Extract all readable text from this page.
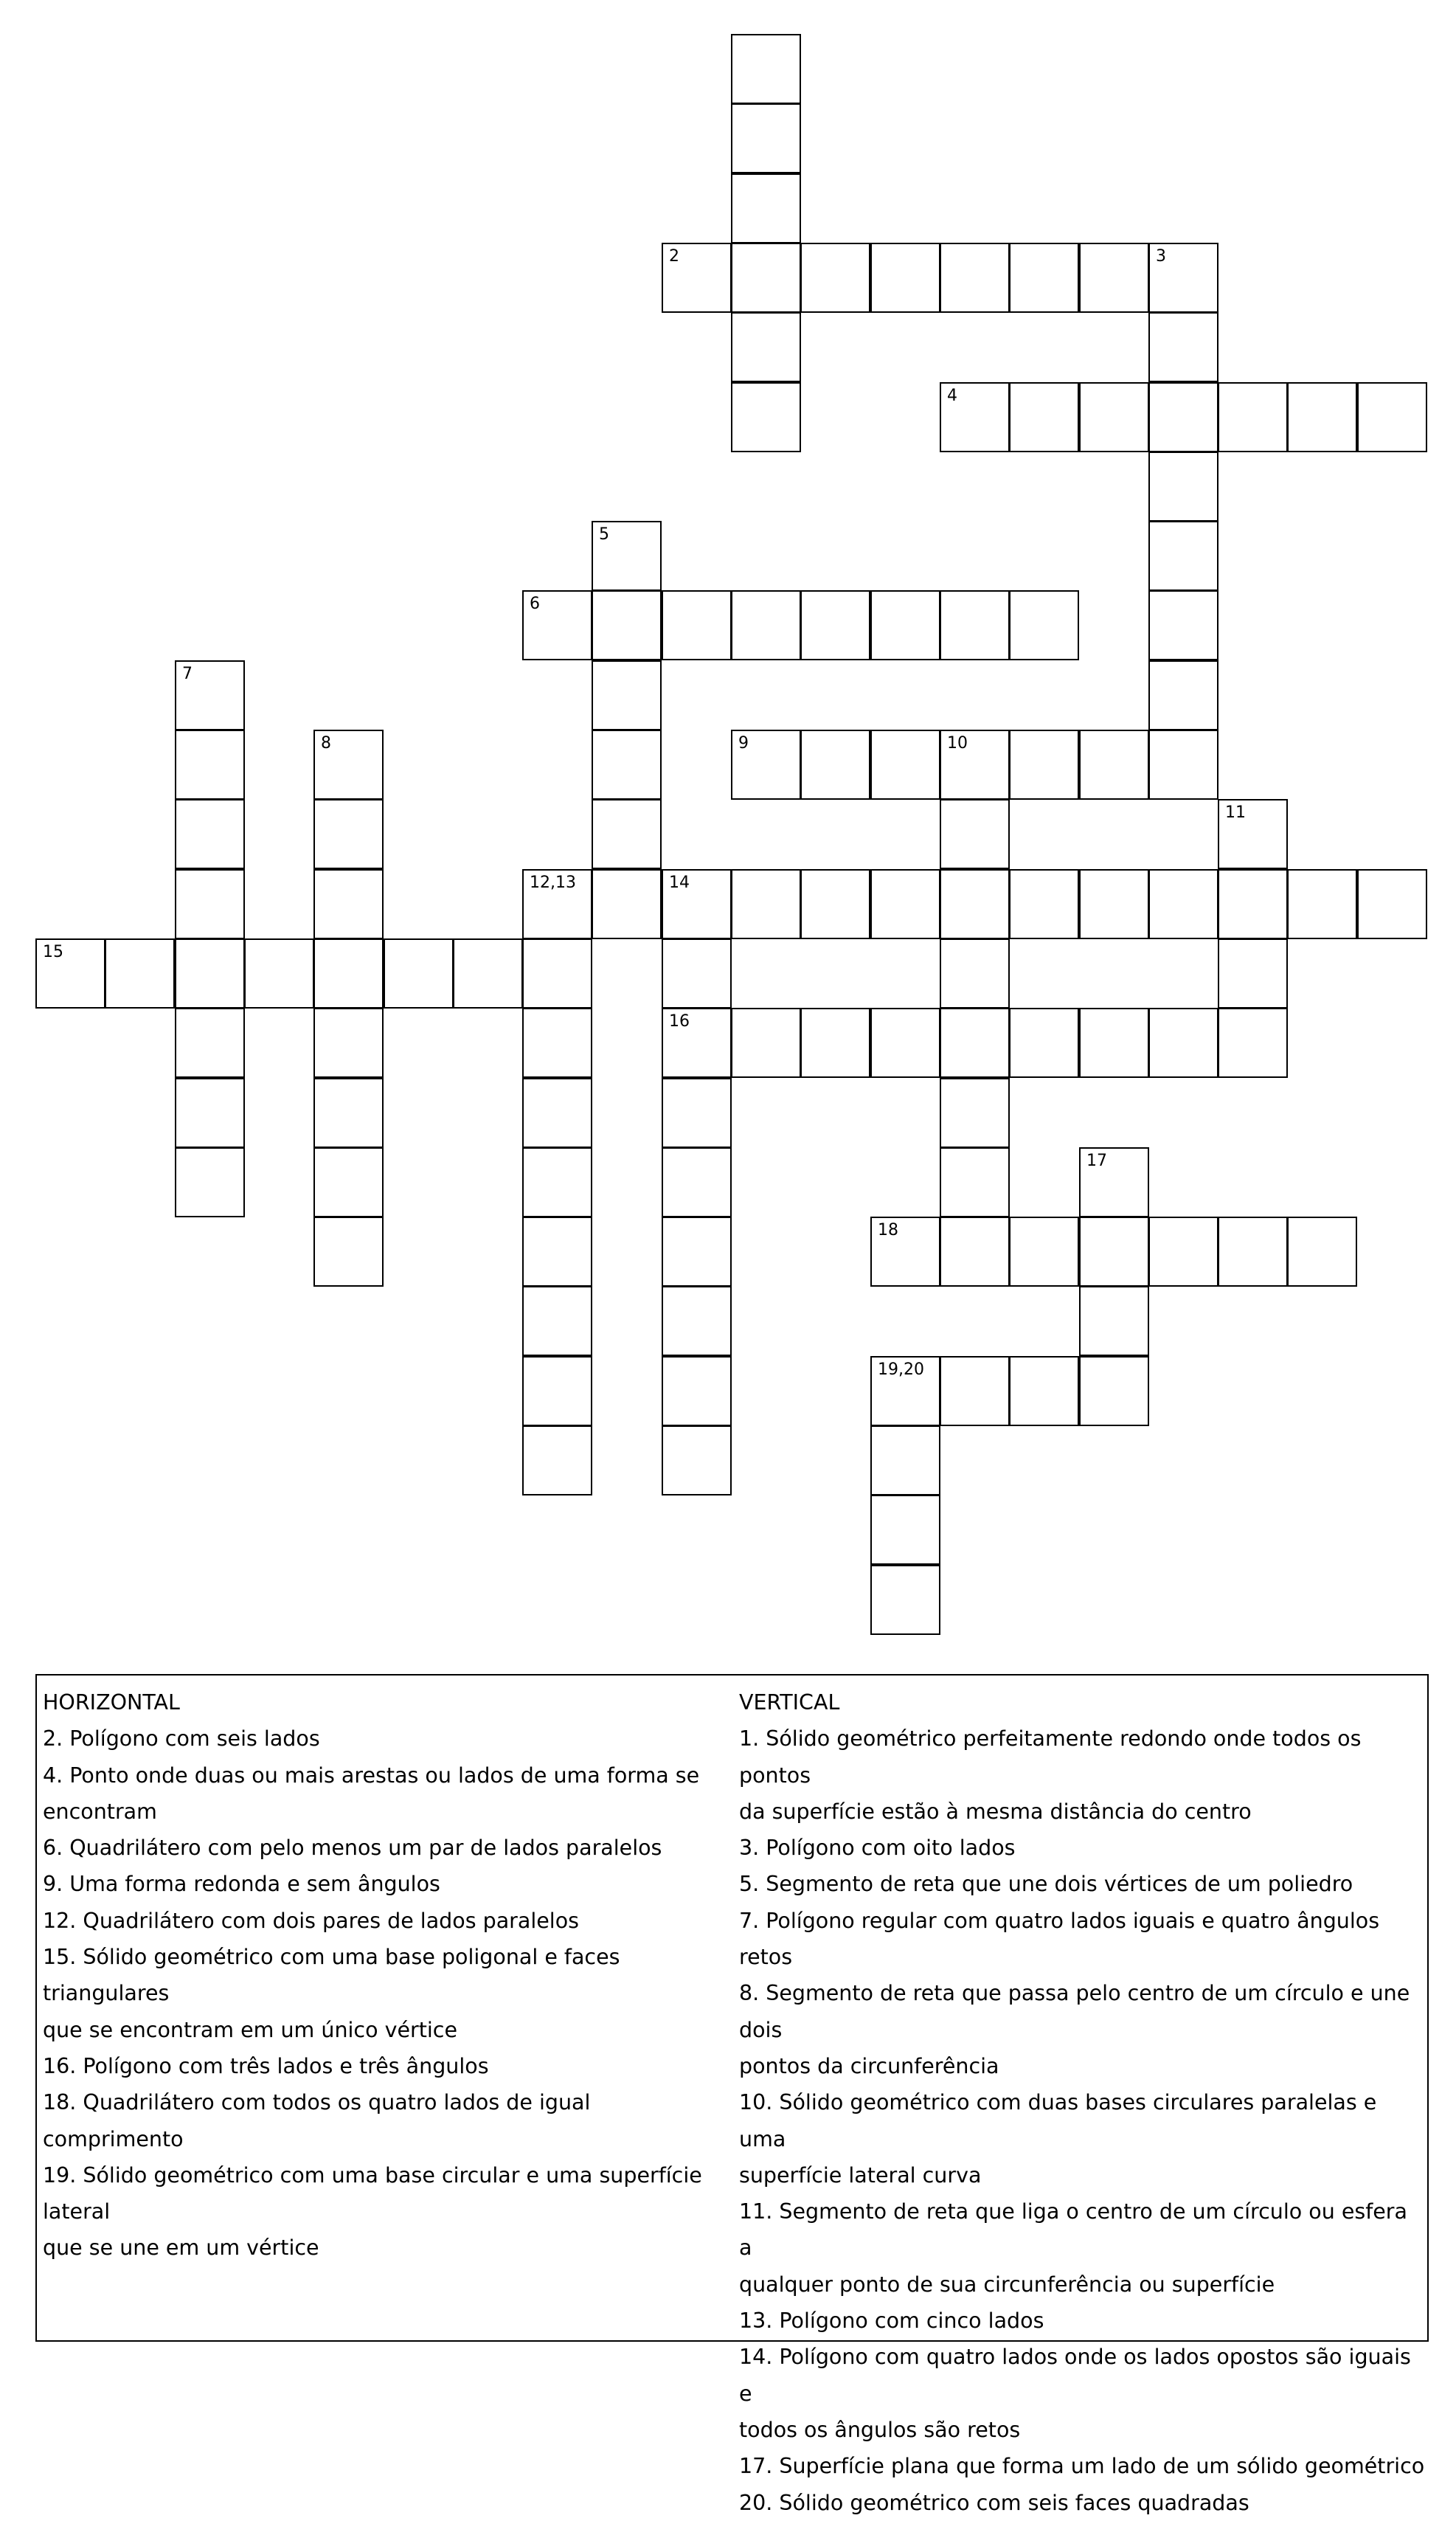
2	3
4
5
6
7
8	9	10
11
12,13	14
15
16
17
18
19,20
HORIZONTAL
2. Polígono com seis lados
4. Ponto onde duas ou mais arestas ou lados de uma forma se
encontram
6. Quadrilátero com pelo menos um par de lados paralelos
9. Uma forma redonda e sem ângulos
12. Quadrilátero com dois pares de lados paralelos
15. Sólido geométrico com uma base poligonal e faces triangulares
que se encontram em um único vértice
16. Polígono com três lados e três ângulos
18. Quadrilátero com todos os quatro lados de igual comprimento
19. Sólido geométrico com uma base circular e uma superfície lateral
que se une em um vértice
VERTICAL
1. Sólido geométrico perfeitamente redondo onde todos os pontos
da superfície estão à mesma distância do centro
3. Polígono com oito lados
5. Segmento de reta que une dois vértices de um poliedro
7. Polígono regular com quatro lados iguais e quatro ângulos retos
8. Segmento de reta que passa pelo centro de um círculo e une dois
pontos da circunferência
10. Sólido geométrico com duas bases circulares paralelas e uma
superfície lateral curva
11. Segmento de reta que liga o centro de um círculo ou esfera a
qualquer ponto de sua circunferência ou superfície
13. Polígono com cinco lados
14. Polígono com quatro lados onde os lados opostos são iguais e
todos os ângulos são retos
17. Superfície plana que forma um lado de um sólido geométrico
20. Sólido geométrico com seis faces quadradas
